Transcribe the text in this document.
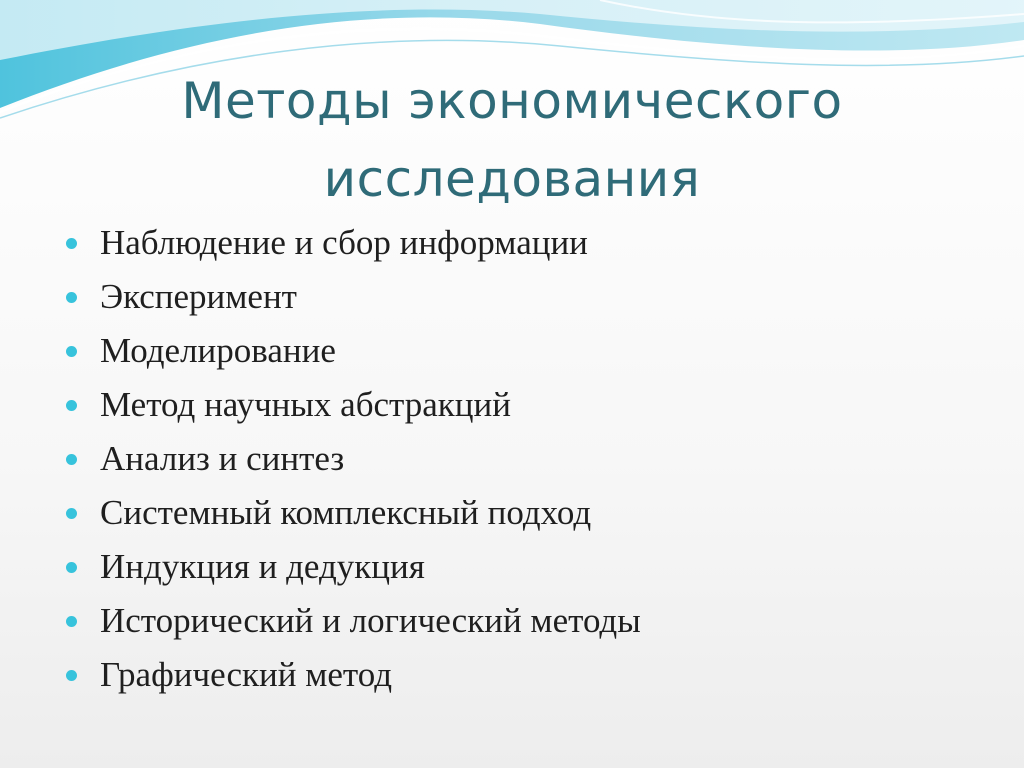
Методы экономического
исследования
Наблюдение и сбор информации
Эксперимент
Моделирование
Метод научных абстракций
Анализ и синтез
Системный комплексный подход
Индукция и дедукция
Исторический и логический методы
Графический метод
